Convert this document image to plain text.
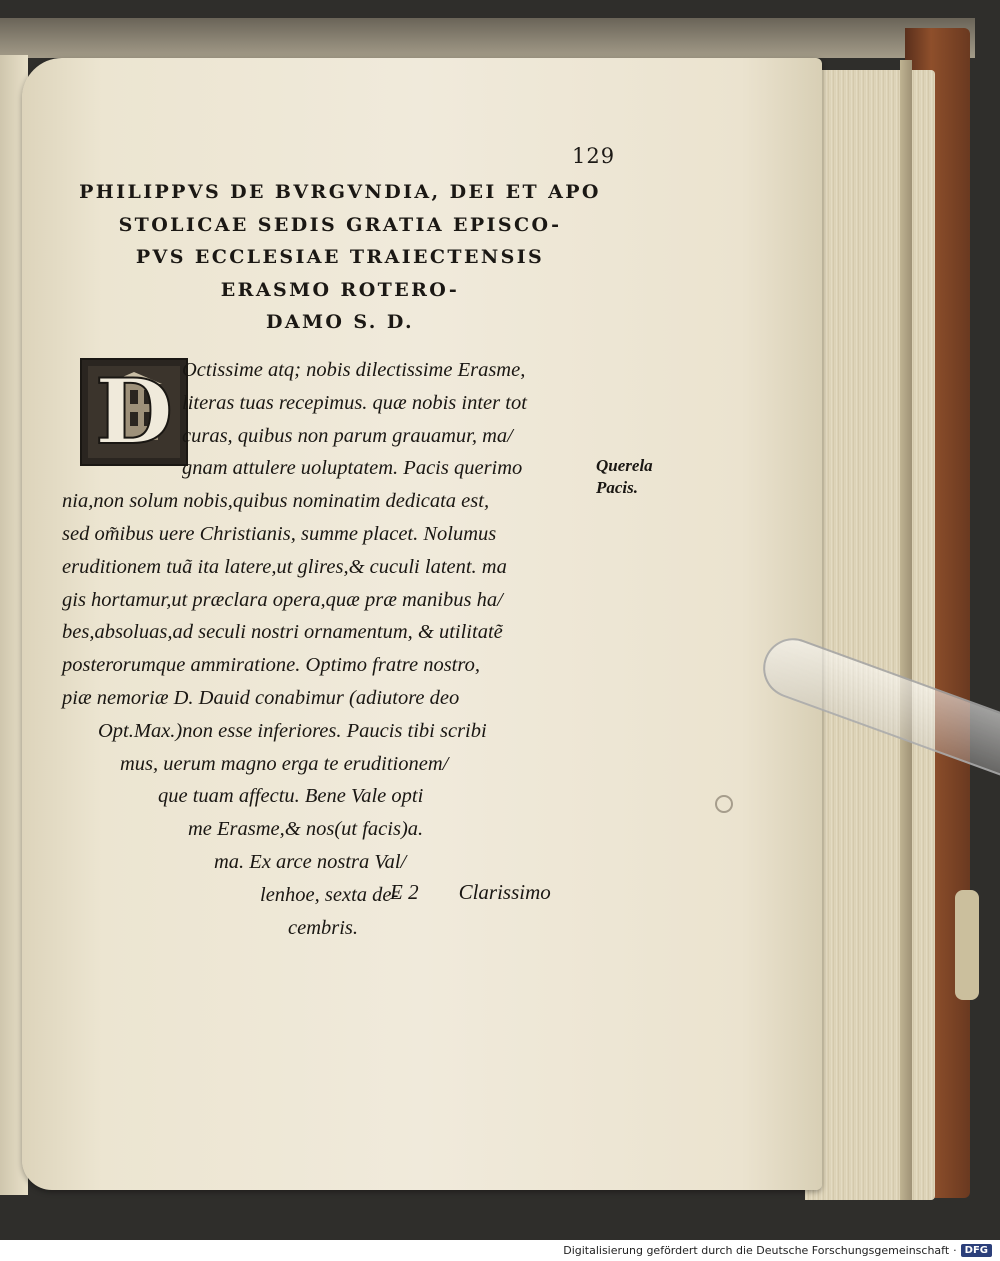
129
PHILIPPVS DE BVRGVNDIA, DEI ET APO
STOLICAE SEDIS GRATIA EPISCO-
PVS ECCLESIAE TRAIECTENSIS
ERASMO ROTERO-
DAMO S. D.
D Octissime atq; nobis dilectissime Erasme,
literas tuas recepimus. quæ nobis inter tot
curas, quibus non parum grauamur, ma/
gnam attulere uoluptatem. Pacis querimo
nia,non solum nobis,quibus nominatim dedicata est,
sed om̃ibus uere Christianis, summe placet. Nolumus
eruditionem tuã ita latere,ut glires,& cuculi latent. ma
gis hortamur,ut præclara opera,quæ præ manibus ha/
bes,absoluas,ad seculi nostri ornamentum, & utilitatẽ
posterorumque ammiratione. Optimo fratre nostro,
piæ nemoriæ D. Dauid conabimur (adiutore deo
Opt.Max.)non esse inferiores. Paucis tibi scribi
mus, uerum magno erga te eruditionem/
que tuam affectu. Bene Vale opti
me Erasme,& nos(ut facis)a.
ma. Ex arce nostra Val/
lenhoe, sexta de-
cembris.
Querela
Pacis.
E 2 Clarissimo
Digitalisierung gefördert durch die Deutsche Forschungsgemeinschaft · DFG
